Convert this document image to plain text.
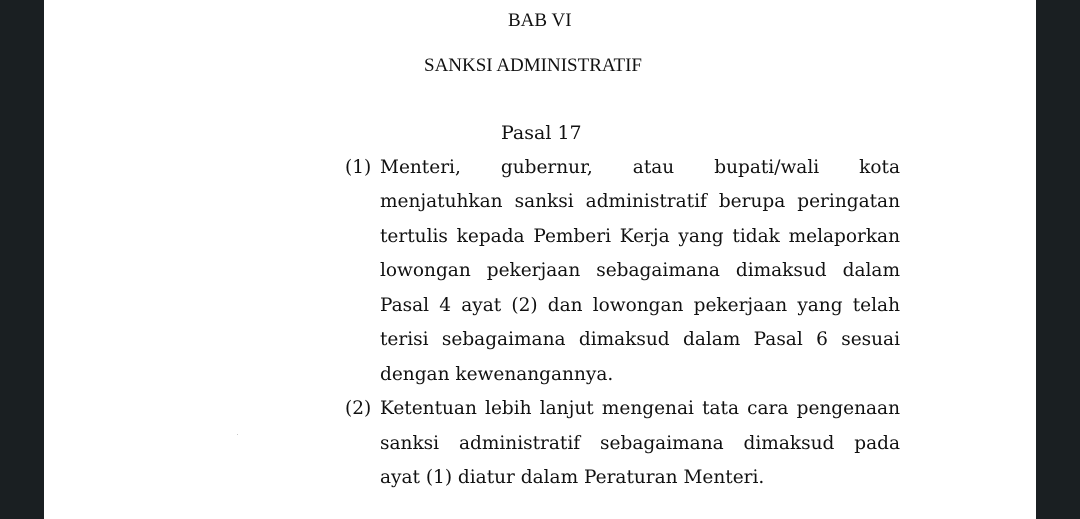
BAB VI
SANKSI ADMINISTRATIF
Pasal 17
(1) Menteri, gubernur, atau bupati/wali kota
menjatuhkan sanksi administratif berupa peringatan
tertulis kepada Pemberi Kerja yang tidak melaporkan
lowongan pekerjaan sebagaimana dimaksud dalam
Pasal 4 ayat (2) dan lowongan pekerjaan yang telah
terisi sebagaimana dimaksud dalam Pasal 6 sesuai
dengan kewenangannya.
(2) Ketentuan lebih lanjut mengenai tata cara pengenaan
sanksi administratif sebagaimana dimaksud pada
ayat (1) diatur dalam Peraturan Menteri.
